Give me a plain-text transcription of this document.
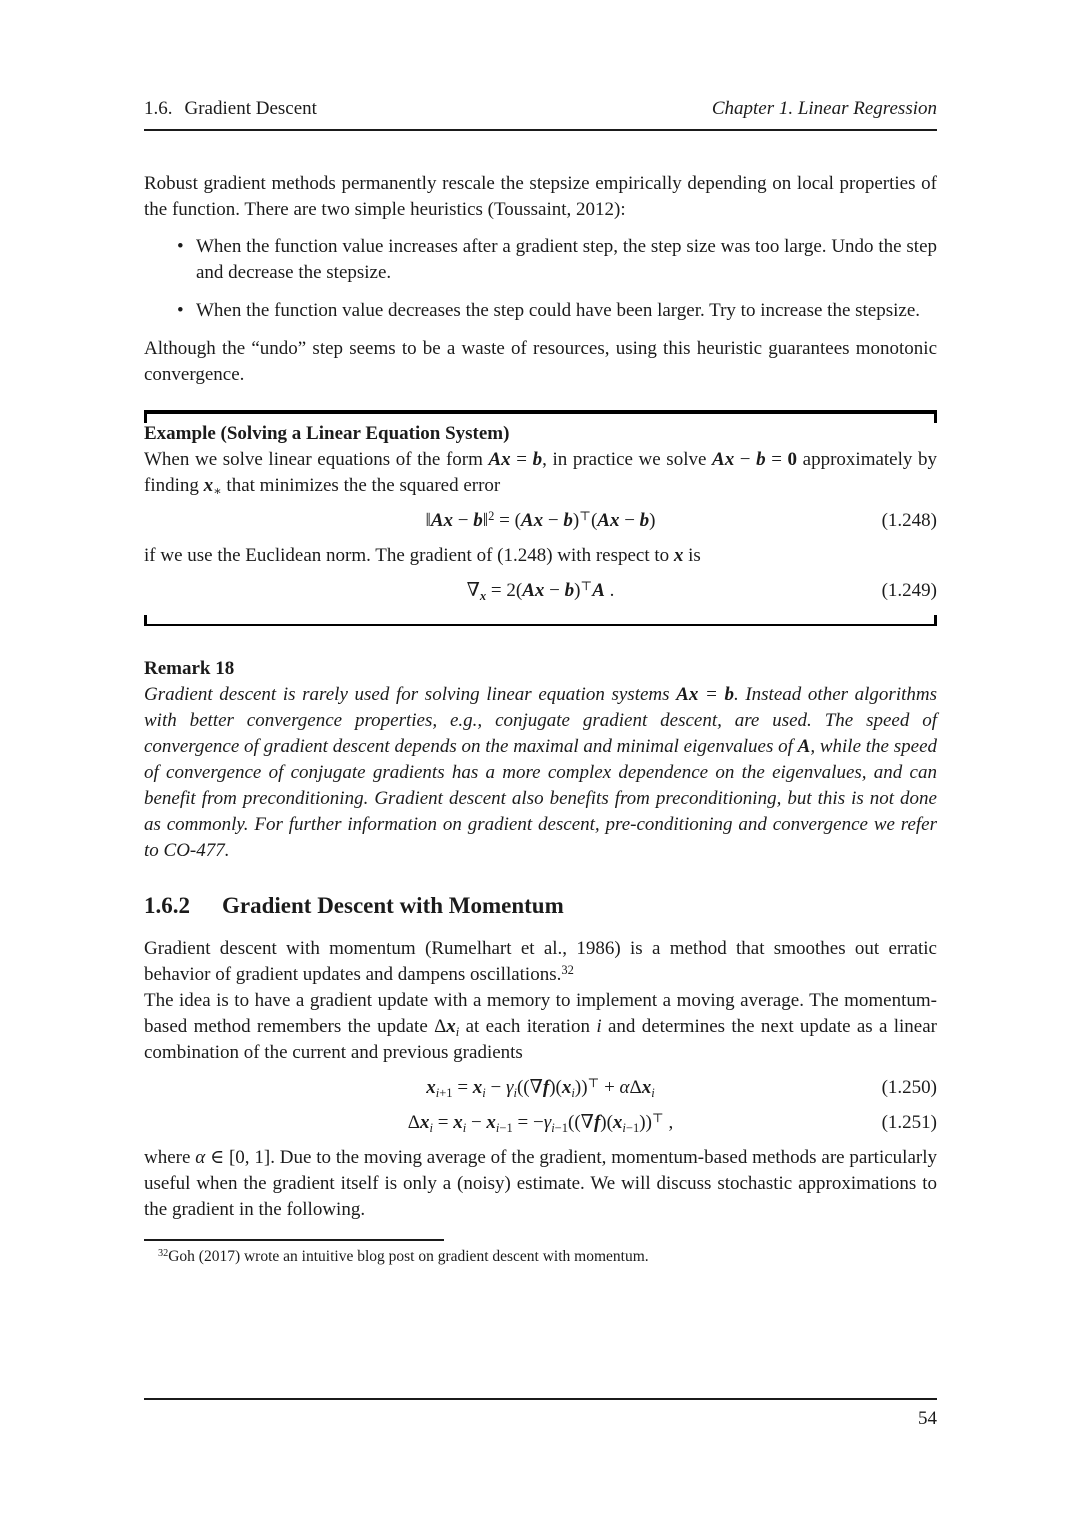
1.6. Gradient Descent	Chapter 1. Linear Regression

Robust gradient methods permanently rescale the stepsize empirically depending on local properties of the function. There are two simple heuristics (Toussaint, 2012):

• When the function value increases after a gradient step, the step size was too large. Undo the step and decrease the stepsize.
• When the function value decreases the step could have been larger. Try to increase the stepsize.

Although the “undo” step seems to be a waste of resources, using this heuristic guarantees monotonic convergence.

Example (Solving a Linear Equation System)

When we solve linear equations of the form Ax = b, in practice we solve Ax − b = 0 approximately by finding $x_∗$ that minimizes the the squared error

‖Ax − b‖$^2$ = (Ax − b)⊤(Ax − b)	(1.248)

if we use the Euclidean norm. The gradient of (1.248) with respect to x is

$\nabla_x = 2(Ax - b)^⊤A$ .	(1.249)

Remark 18

Gradient descent is rarely used for solving linear equation systems Ax = b. Instead other algorithms with better convergence properties, e.g., conjugate gradient descent, are used. The speed of convergence of gradient descent depends on the maximal and minimal eigenvalues of A, while the speed of convergence of conjugate gradients has a more complex dependence on the eigenvalues, and can benefit from preconditioning. Gradient descent also benefits from preconditioning, but this is not done as commonly. For further information on gradient descent, pre-conditioning and convergence we refer to CO-477.

1.6.2 Gradient Descent with Momentum

Gradient descent with momentum (Rumelhart et al., 1986) is a method that smoothes out erratic behavior of gradient updates and dampens oscillations.$^{32}$

The idea is to have a gradient update with a memory to implement a moving average. The momentum-based method remembers the update $\Delta x_i$ at each iteration i and determines the next update as a linear combination of the current and previous gradients

$x_{i+1} = x_i - \gamma_i((\nabla f)(x_i))^⊤ + \alpha\Delta x_i$	(1.250)
$\Delta x_i = x_i - x_{i-1} = -\gamma_{i-1}((\nabla f)(x_{i-1}))^⊤$ ,	(1.251)

where α ∈ [0, 1]. Due to the moving average of the gradient, momentum-based methods are particularly useful when the gradient itself is only a (noisy) estimate. We will discuss stochastic approximations to the gradient in the following.

$^{32}$Goh (2017) wrote an intuitive blog post on gradient descent with momentum.

54
